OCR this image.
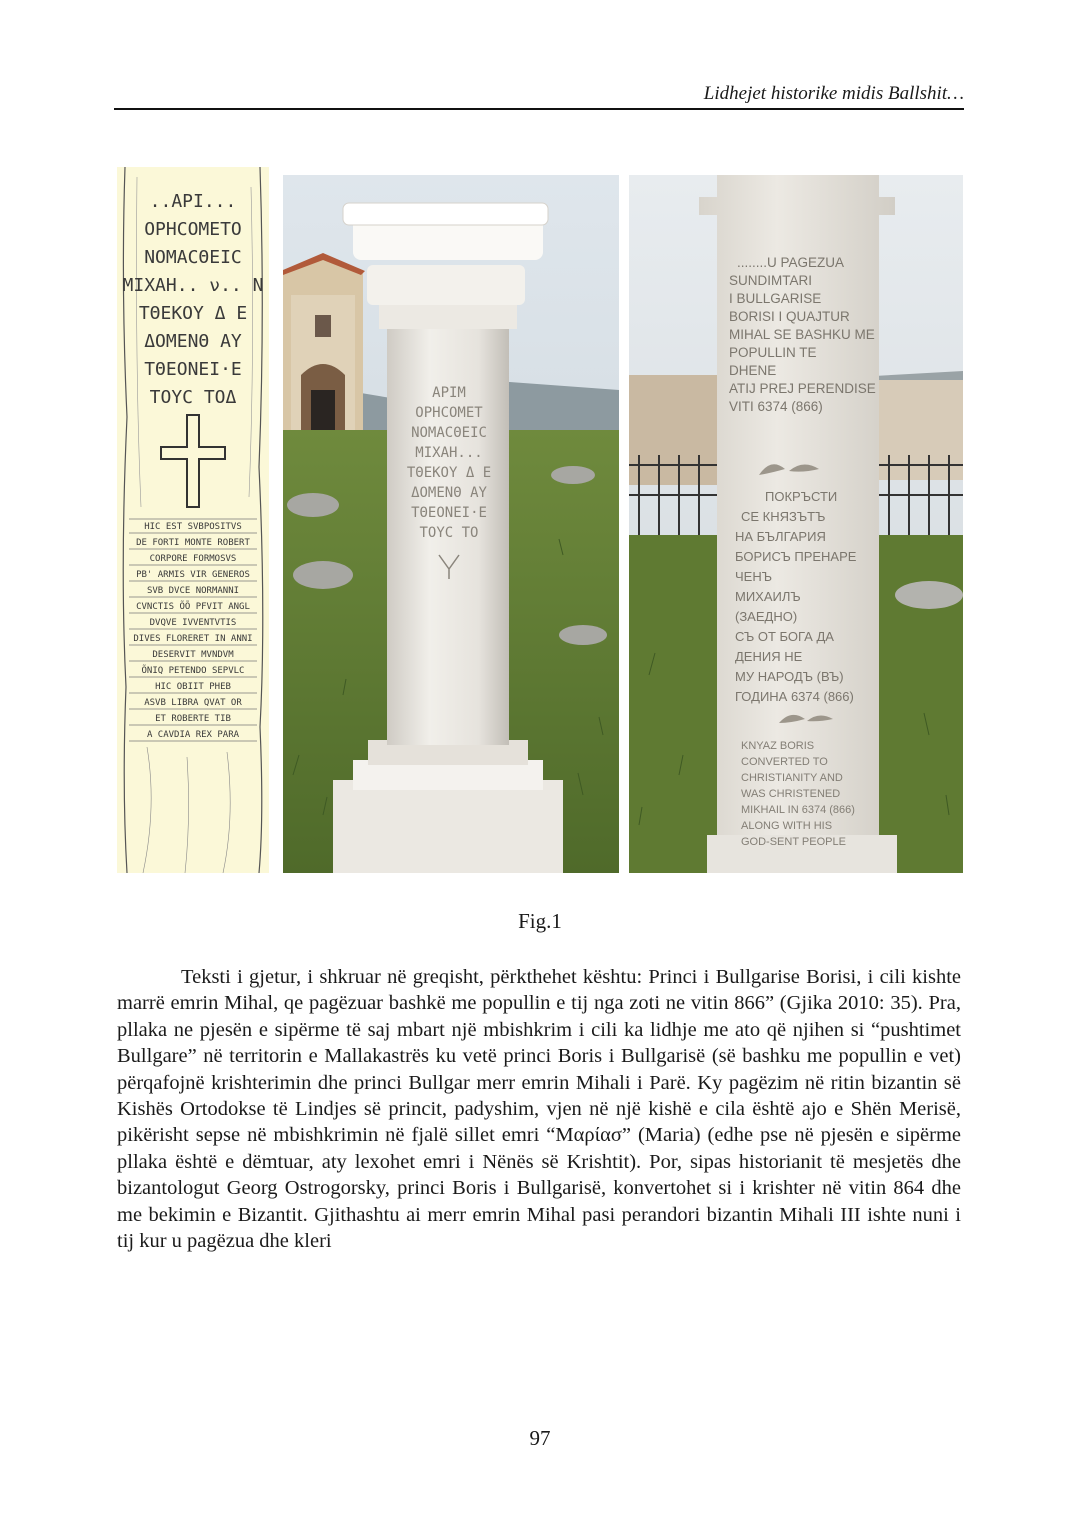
Lidhejet historike midis Ballshit…
..ΑΡΙ...
ΟΡΗCΟΜΕΤΟ
ΝΟΜΑCΘΕΙC
ΜΙΧΑΗ.. ν.. Ν
ΤΘΕΚΟΥ Δ Ε
ΔΟΜΕΝΘ ΑΥ
ΤΘΕΟΝΕΙ·Ε
ΤΟΥC ΤΟΔ
HIC EST SVBPOSITVS
DE FORTI MONTE ROBERT
CORPORE FORMOSVS
PB' ARMIS VIR GENEROS
SVB DVCE NORMANNI
CVNCTIS ÕÕ PFVIT ANGL
DVQVE IVVENTVTIS
DIVES FLORERET IN ANNI
DESERVIT MVNDVM
ÕNIQ PETENDO SEPVLC
HIC OBIIT PHEB
ASVB LIBRA QVAT OR
ET ROBERTE TIB
A CAVDIA REX PARA
ΑΡΙΜ
ΟΡΗCΟΜΕΤ
ΝΟΜΑCΘΕΙC
ΜΙΧΑΗ...
ΤΘΕΚΟΥ Δ Ε
ΔΟΜΕΝΘ ΑΥ
ΤΘΕΟΝΕΙ·Ε
ΤΟΥC ΤΟ
........U PAGEZUA
SUNDIMTARI
I BULLGARISE
BORISI I QUAJTUR
MIHAL SE BASHKU ME
POPULLIN TE
DHENE
ATIJ PREJ PERENDISE
VITI 6374 (866)
ПОКРЪСТИ
СЕ КНЯЗЪТЪ
НА БЪЛГАРИЯ
БОРИСЪ ПРЕНАРЕ
ЧЕНЪ
МИХАИЛЪ
(ЗАЕДНО)
СЪ ОТ БОГА ДА
ДЕНИЯ НЕ
МУ НАРОДЪ (ВЪ)
ГОДИНА 6374 (866)
KNYAZ BORIS
CONVERTED TO
CHRISTIANITY AND
WAS CHRISTENED
MIKHAIL IN 6374 (866)
ALONG WITH HIS
GOD-SENT PEOPLE
Fig.1

Teksti i gjetur, i shkruar në greqisht, përkthehet kështu: Princi i Bullgarise Borisi, i cili kishte marrë emrin Mihal, qe pagëzuar bashkë me popullin e tij nga zoti ne vitin 866” (Gjika 2010: 35). Pra, pllaka ne pjesën e sipërme të saj mbart një mbishkrim i cili ka lidhje me ato që njihen si “pushtimet Bullgare” në territorin e Mallakastrës ku vetë princi Boris i Bullgarisë (së bashku me popullin e vet) përqafojnë krishterimin dhe princi Bullgar merr emrin Mihali i Parë. Ky pagëzim në ritin bizantin së Kishës Ortodokse të Lindjes së princit, padyshim, vjen në një kishë e cila është ajo e Shën Merisë, pikërisht sepse në mbishkrimin në fjalë sillet emri “Μαρίασ” (Maria) (edhe pse në pjesën e sipërme pllaka është e dëmtuar, aty lexohet emri i Nënës së Krishtit). Por, sipas historianit të mesjetës dhe bizantologut Georg Ostrogorsky, princi Boris i Bullgarisë, konvertohet si i krishter në vitin 864 dhe me bekimin e Bizantit. Gjithashtu ai merr emrin Mihal pasi perandori bizantin Mihali III ishte nuni i tij kur u pagëzua dhe kleri

97
